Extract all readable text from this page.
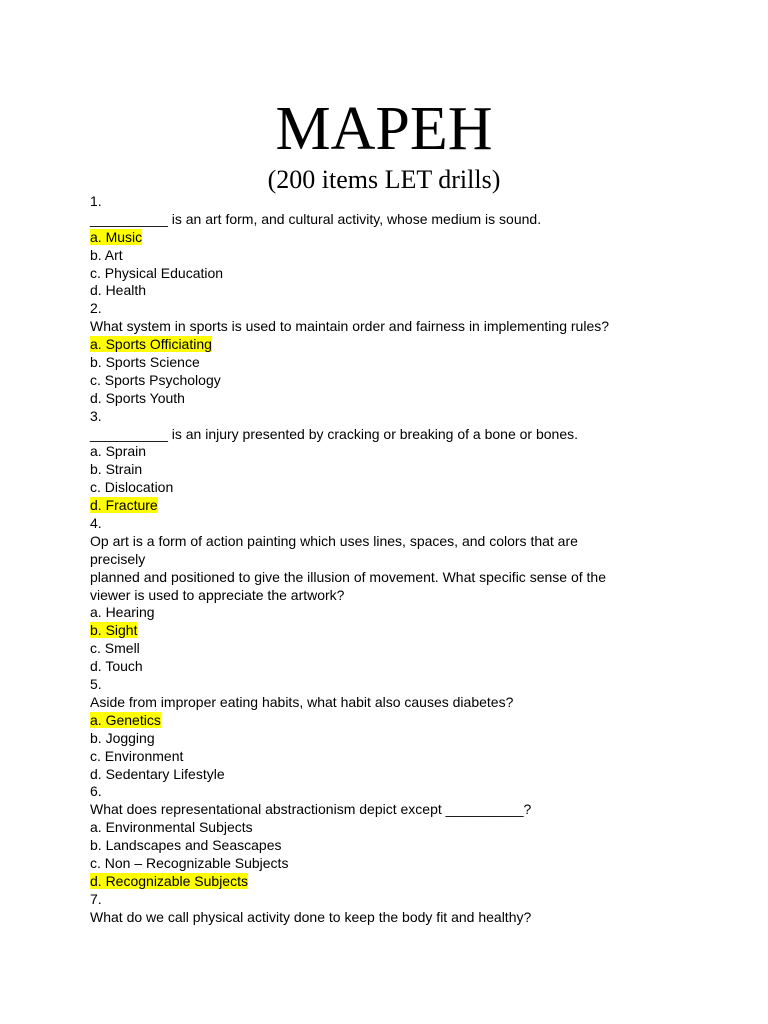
MAPEH
(200 items LET drills)
1.
__________ is an art form, and cultural activity, whose medium is sound.
a. Music
b. Art
c. Physical Education
d. Health
2.
What system in sports is used to maintain order and fairness in implementing rules?
a. Sports Officiating
b. Sports Science
c. Sports Psychology
d. Sports Youth
3.
__________ is an injury presented by cracking or breaking of a bone or bones.
a. Sprain
b. Strain
c. Dislocation
d. Fracture
4.
Op art is a form of action painting which uses lines, spaces, and colors that are
precisely
planned and positioned to give the illusion of movement. What specific sense of the
viewer is used to appreciate the artwork?
a. Hearing
b. Sight
c. Smell
d. Touch
5.
Aside from improper eating habits, what habit also causes diabetes?
a. Genetics
b. Jogging
c. Environment
d. Sedentary Lifestyle
6.
What does representational abstractionism depict except __________?
a. Environmental Subjects
b. Landscapes and Seascapes
c. Non – Recognizable Subjects
d. Recognizable Subjects
7.
What do we call physical activity done to keep the body fit and healthy?
